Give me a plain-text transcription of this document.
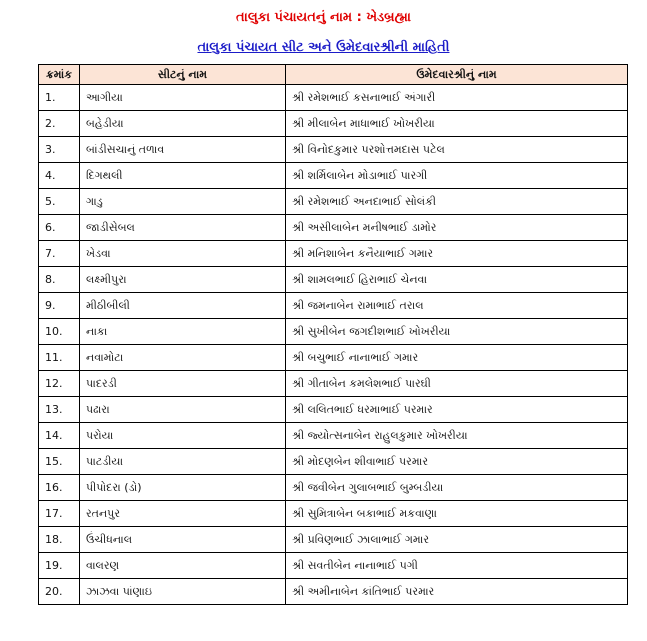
તાલુકા પંચાયતનું નામ : ખેડબ્રહ્મા
તાલુકા પંચાયત સીટ અને ઉમેદવારશ્રીની માહિતી
ક્રમાંક	સીટનું નામ	ઉમેદવારશ્રીનું નામ
1.	આગીયા	શ્રી રમેશભાઈ કસનાભાઈ અંગારી
2.	બહેડીયા	શ્રી મીલાબેન માધાભાઈ ખોખરીયા
3.	બાંડીસચાનું તળાવ	શ્રી વિનોદકુમાર પરશોત્તમદાસ પટેલ
4.	દિગથલી	શ્રી શર્મિલાબેન મોડાભાઈ પારગી
5.	ગાડુ	શ્રી રમેશભાઈ અનદાભાઈ સોલંકી
6.	જાડીસેબલ	શ્રી અસીલાબેન મનીષભાઈ ડામોર
7.	ખેડવા	શ્રી મનિશાબેન કનૈયાભાઈ ગમાર
8.	લક્ષ્મીપુરા	શ્રી શામલભાઈ હિરાભાઈ ચેનવા
9.	મીઠીબીલી	શ્રી જમનાબેન રામાભાઈ તરાલ
10.	નાકા	શ્રી સુખીબેન જગદીશભાઈ ખોખરીયા
11.	નવામોટા	શ્રી બચુભાઈ નાનાભાઈ ગમાર
12.	પાદરડી	શ્રી ગીતાબેન કમલેશભાઈ પારઘી
13.	પઢારા	શ્રી લલિતભાઈ ધરમાભાઈ પરમાર
14.	પરોયા	શ્રી જ્યોત્સનાબેન રાહુલકુમાર ખોખરીયા
15.	પાટડીયા	શ્રી મોદણબેન શીવાભાઈ પરમાર
16.	પીપોદરા (ડો)	શ્રી જવીબેન ગુલાબભાઈ બુમ્બડીયા
17.	રતનપુર	શ્રી સુમિત્રાબેન બકાભાઈ મકવાણા
18.	ઉંચીધનાલ	શ્રી પ્રવિણભાઈ ઝાલાભાઈ ગમાર
19.	વાલરણ	શ્રી સવતીબેન નાનાભાઈ પગી
20.	ઝાઝવા પાંણાઇ	શ્રી અમીનાબેન કાંતિભાઈ પરમાર
